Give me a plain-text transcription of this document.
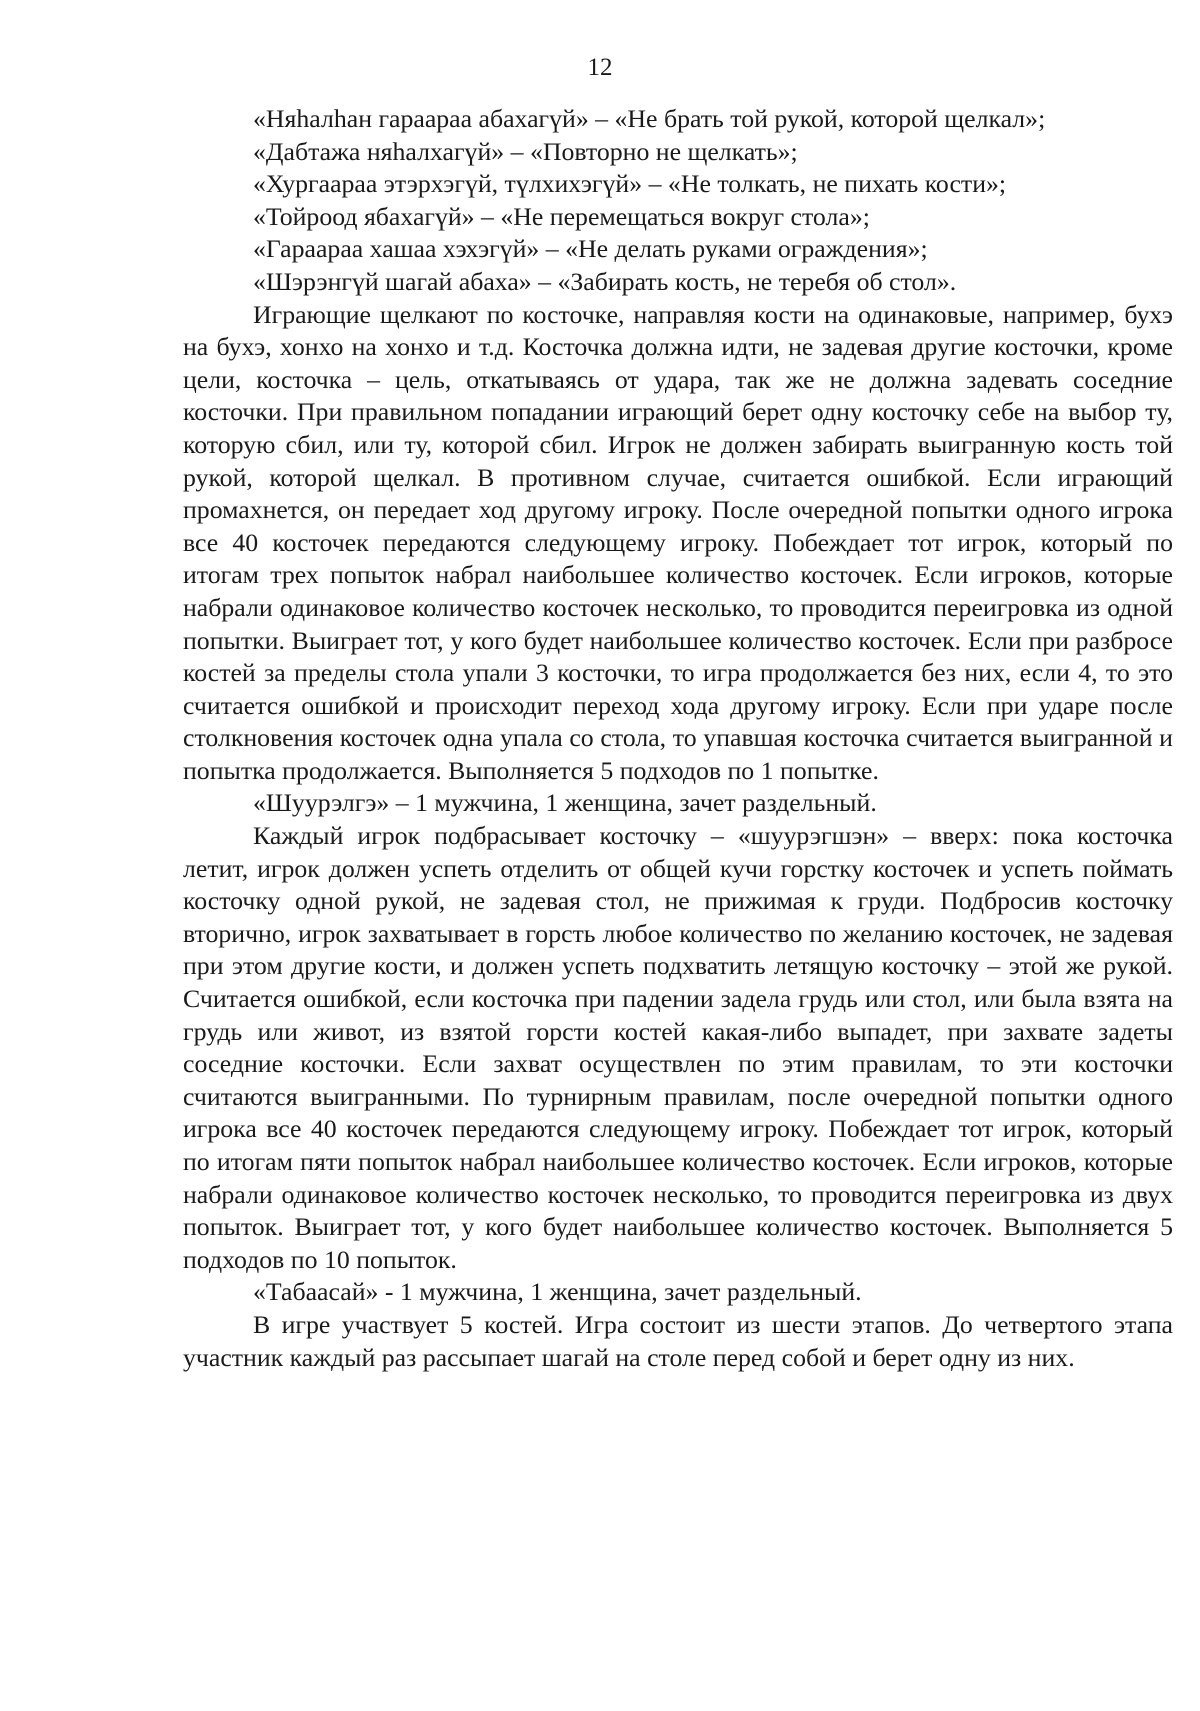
12

«Няhалhан гараараа абахагүй» – «Не брать той рукой, которой щелкал»;

«Дабтажа няhалхагүй» – «Повторно не щелкать»;

«Хургаараа этэрхэгүй, түлхихэгүй» – «Не толкать, не пихать кости»;

«Тойроод ябахагүй» – «Не перемещаться вокруг стола»;

«Гараараа хашаа хэхэгүй» – «Не делать руками ограждения»;

«Шэрэнгүй шагай абаха» – «Забирать кость, не теребя об стол».

Играющие щелкают по косточке, направляя кости на одинаковые, например, бухэ на бухэ, хонхо на хонхо и т.д. Косточка должна идти, не задевая другие косточки, кроме цели, косточка – цель, откатываясь от удара, так же не должна задевать соседние косточки. При правильном попадании играющий берет одну косточку себе на выбор ту, которую сбил, или ту, которой сбил. Игрок не должен забирать выигранную кость той рукой, которой щелкал. В противном случае, считается ошибкой. Если играющий промахнется, он передает ход другому игроку. После очередной попытки одного игрока все 40 косточек передаются следующему игроку. Побеждает тот игрок, который по итогам трех попыток набрал наибольшее количество косточек. Если игроков, которые набрали одинаковое количество косточек несколько, то проводится переигровка из одной попытки. Выиграет тот, у кого будет наибольшее количество косточек. Если при разбросе костей за пределы стола упали 3 косточки, то игра продолжается без них, если 4, то это считается ошибкой и происходит переход хода другому игроку. Если при ударе после столкновения косточек одна упала со стола, то упавшая косточка считается выигранной и попытка продолжается. Выполняется 5 подходов по 1 попытке.

«Шуурэлгэ» – 1 мужчина, 1 женщина, зачет раздельный.

Каждый игрок подбрасывает косточку – «шуурэгшэн» – вверх: пока косточка летит, игрок должен успеть отделить от общей кучи горстку косточек и успеть поймать косточку одной рукой, не задевая стол, не прижимая к груди. Подбросив косточку вторично, игрок захватывает в горсть любое количество по желанию косточек, не задевая при этом другие кости, и должен успеть подхватить летящую косточку – этой же рукой. Считается ошибкой, если косточка при падении задела грудь или стол, или была взята на грудь или живот, из взятой горсти костей какая-либо выпадет, при захвате задеты соседние косточки. Если захват осуществлен по этим правилам, то эти косточки считаются выигранными. По турнирным правилам, после очередной попытки одного игрока все 40 косточек передаются следующему игроку. Побеждает тот игрок, который по итогам пяти попыток набрал наибольшее количество косточек. Если игроков, которые набрали одинаковое количество косточек несколько, то проводится переигровка из двух попыток. Выиграет тот, у кого будет наибольшее количество косточек. Выполняется 5 подходов по 10 попыток.

«Табаасай» - 1 мужчина, 1 женщина, зачет раздельный.

В игре участвует 5 костей. Игра состоит из шести этапов. До четвертого этапа участник каждый раз рассыпает шагай на столе перед собой и берет одну из них.
